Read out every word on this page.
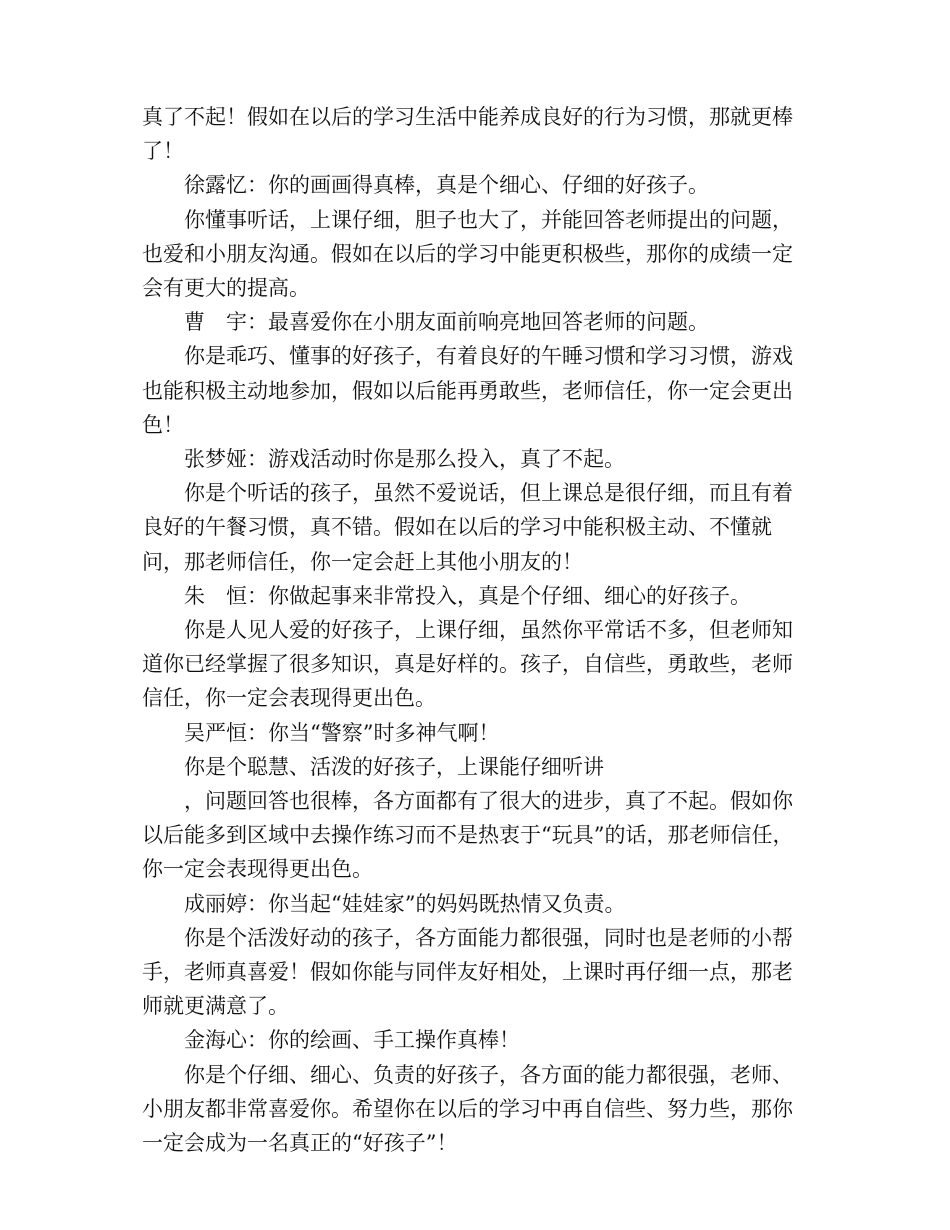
真了不起！假如在以后的学习生活中能养成良好的行为习惯，那就更棒了！

徐露忆：你的画画得真棒，真是个细心、仔细的好孩子。

你懂事听话，上课仔细，胆子也大了，并能回答老师提出的问题，也爱和小朋友沟通。假如在以后的学习中能更积极些，那你的成绩一定会有更大的提高。

曹　宇：最喜爱你在小朋友面前响亮地回答老师的问题。

你是乖巧、懂事的好孩子，有着良好的午睡习惯和学习习惯，游戏也能积极主动地参加，假如以后能再勇敢些，老师信任，你一定会更出色！

张梦娅：游戏活动时你是那么投入，真了不起。

你是个听话的孩子，虽然不爱说话，但上课总是很仔细，而且有着良好的午餐习惯，真不错。假如在以后的学习中能积极主动、不懂就问，那老师信任，你一定会赶上其他小朋友的！

朱　恒：你做起事来非常投入，真是个仔细、细心的好孩子。

你是人见人爱的好孩子，上课仔细，虽然你平常话不多，但老师知道你已经掌握了很多知识，真是好样的。孩子，自信些，勇敢些，老师信任，你一定会表现得更出色。

吴严恒：你当“警察”时多神气啊！

你是个聪慧、活泼的好孩子，上课能仔细听讲

，问题回答也很棒，各方面都有了很大的进步，真了不起。假如你以后能多到区域中去操作练习而不是热衷于“玩具”的话，那老师信任，你一定会表现得更出色。

成丽婷：你当起“娃娃家”的妈妈既热情又负责。

你是个活泼好动的孩子，各方面能力都很强，同时也是老师的小帮手，老师真喜爱！假如你能与同伴友好相处，上课时再仔细一点，那老师就更满意了。

金海心：你的绘画、手工操作真棒！

你是个仔细、细心、负责的好孩子，各方面的能力都很强，老师、小朋友都非常喜爱你。希望你在以后的学习中再自信些、努力些，那你一定会成为一名真正的“好孩子”！
